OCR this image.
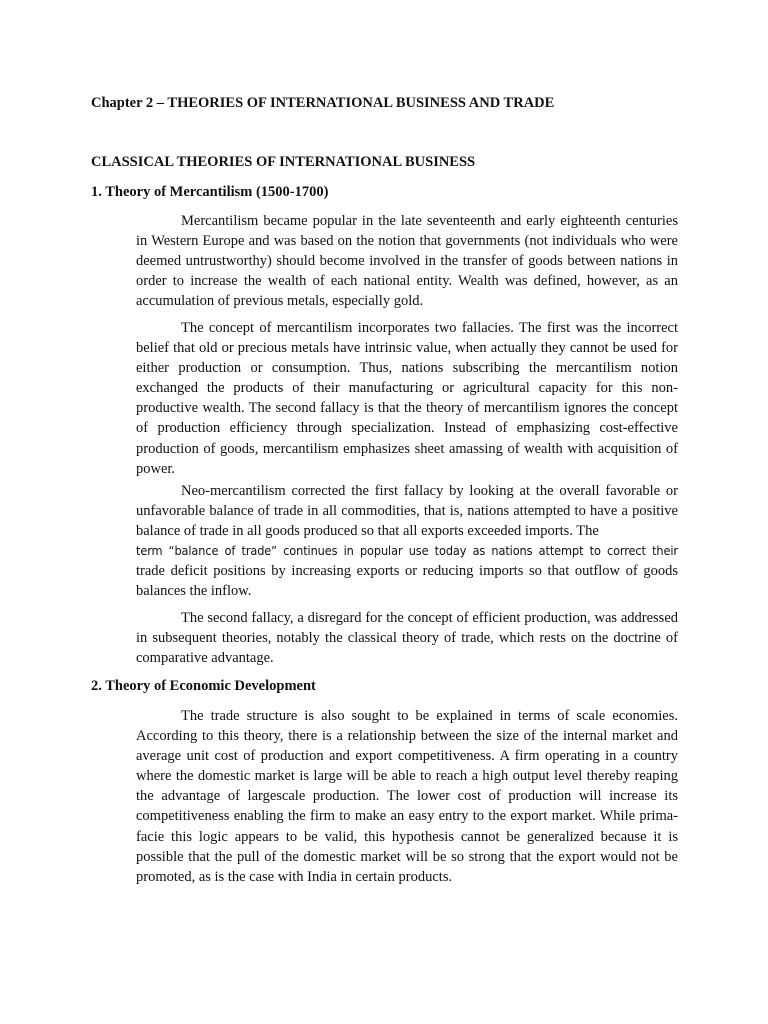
Chapter 2 – THEORIES OF INTERNATIONAL BUSINESS AND TRADE
CLASSICAL THEORIES OF INTERNATIONAL BUSINESS
1. Theory of Mercantilism (1500-1700)

Mercantilism became popular in the late seventeenth and early eighteenth centuries in Western Europe and was based on the notion that governments (not individuals who were deemed untrustworthy) should become involved in the transfer of goods between nations in order to increase the wealth of each national entity. Wealth was defined, however, as an accumulation of previous metals, especially gold.

The concept of mercantilism incorporates two fallacies. The first was the incorrect belief that old or precious metals have intrinsic value, when actually they cannot be used for either production or consumption. Thus, nations subscribing the mercantilism notion exchanged the products of their manufacturing or agricultural capacity for this non-productive wealth. The second fallacy is that the theory of mercantilism ignores the concept of production efficiency through specialization. Instead of emphasizing cost-effective production of goods, mercantilism emphasizes sheet amassing of wealth with acquisition of power.

Neo-mercantilism corrected the first fallacy by looking at the overall favorable or unfavorable balance of trade in all commodities, that is, nations attempted to have a positive balance of trade in all goods produced so that all exports exceeded imports. The
term “balance of trade” continues in popular use today as nations attempt to correct their
trade deficit positions by increasing exports or reducing imports so that outflow of goods balances the inflow.

The second fallacy, a disregard for the concept of efficient production, was addressed in subsequent theories, notably the classical theory of trade, which rests on the doctrine of comparative advantage.

2. Theory of Economic Development

The trade structure is also sought to be explained in terms of scale economies. According to this theory, there is a relationship between the size of the internal market and average unit cost of production and export competitiveness. A firm operating in a country where the domestic market is large will be able to reach a high output level thereby reaping the advantage of largescale production. The lower cost of production will increase its competitiveness enabling the firm to make an easy entry to the export market. While prima-facie this logic appears to be valid, this hypothesis cannot be generalized because it is possible that the pull of the domestic market will be so strong that the export would not be promoted, as is the case with India in certain products.
